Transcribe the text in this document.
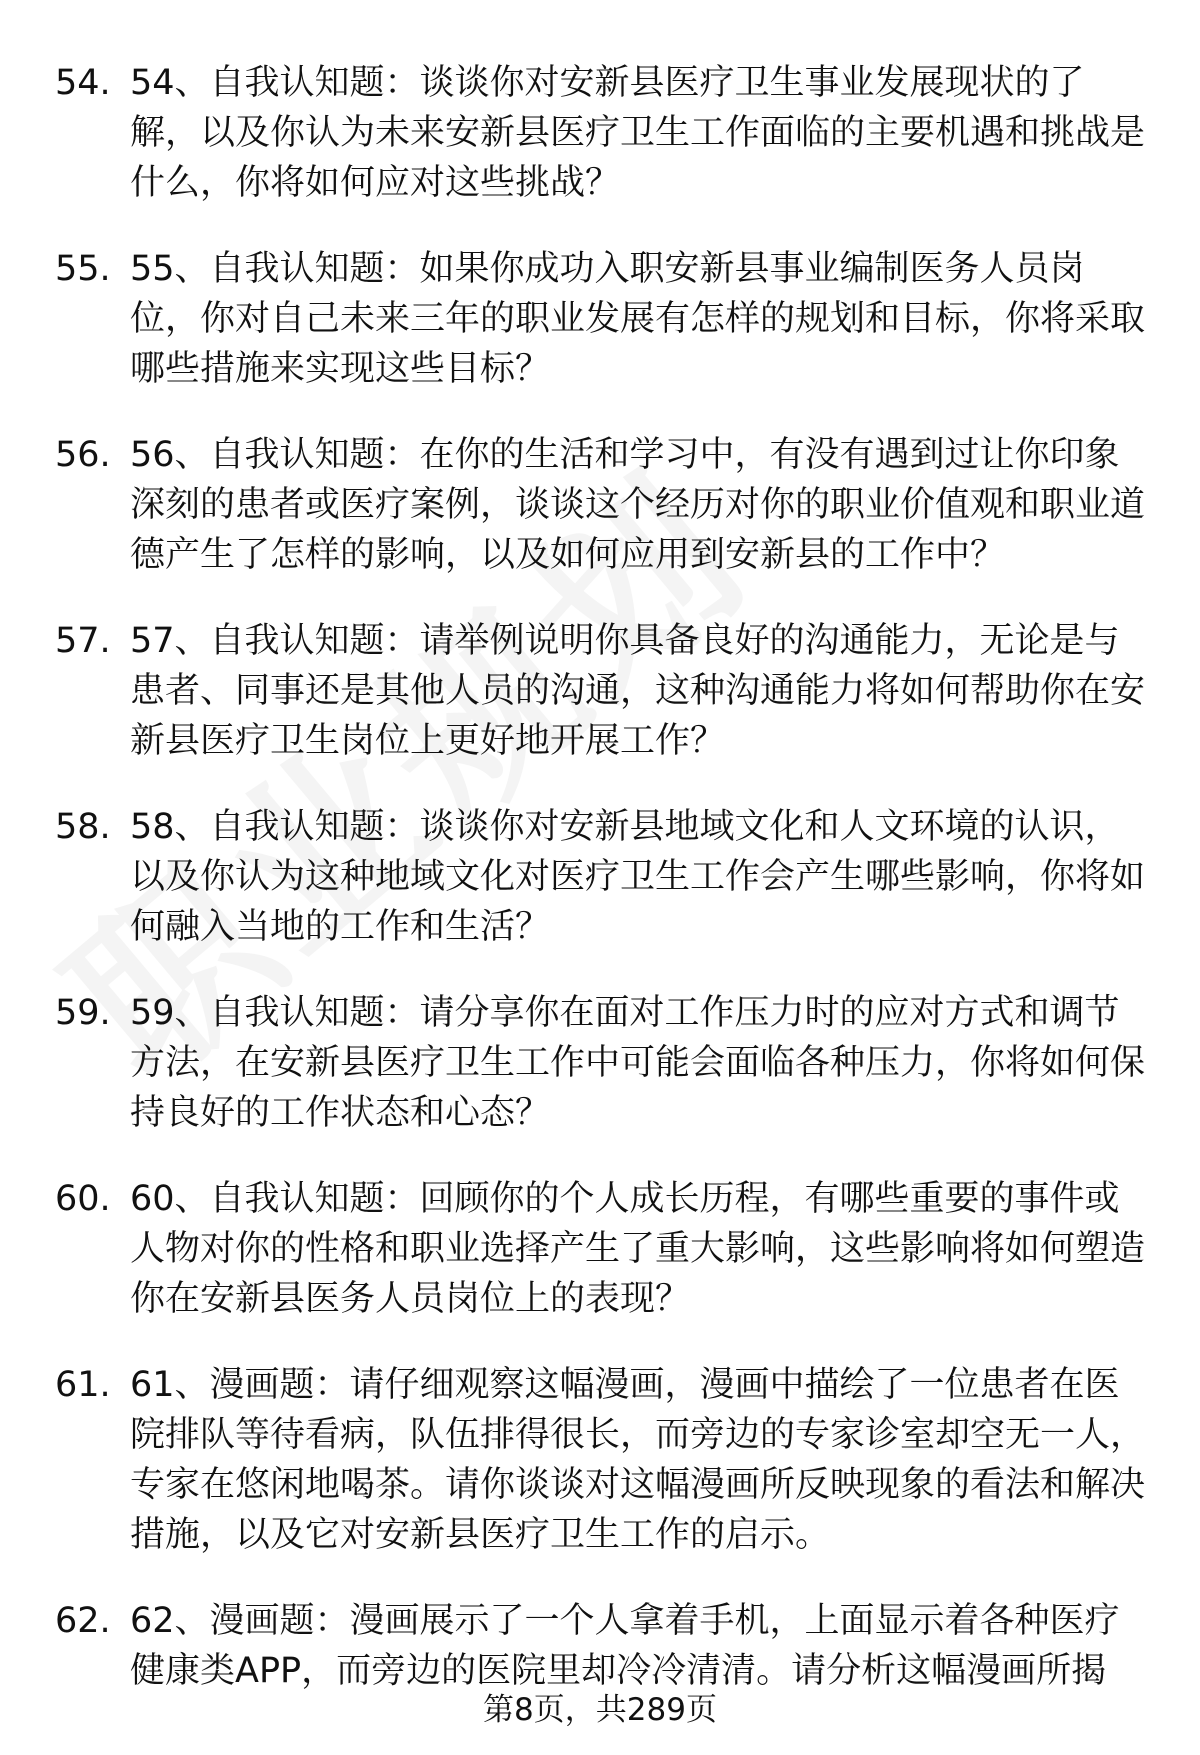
54. 54、自我认知题：谈谈你对安新县医疗卫生事业发展现状的了解，以及你认为未来安新县医疗卫生工作面临的主要机遇和挑战是什么，你将如何应对这些挑战？
55. 55、自我认知题：如果你成功入职安新县事业编制医务人员岗位，你对自己未来三年的职业发展有怎样的规划和目标，你将采取哪些措施来实现这些目标？
56. 56、自我认知题：在你的生活和学习中，有没有遇到过让你印象深刻的患者或医疗案例，谈谈这个经历对你的职业价值观和职业道德产生了怎样的影响，以及如何应用到安新县的工作中？
57. 57、自我认知题：请举例说明你具备良好的沟通能力，无论是与患者、同事还是其他人员的沟通，这种沟通能力将如何帮助你在安新县医疗卫生岗位上更好地开展工作？
58. 58、自我认知题：谈谈你对安新县地域文化和人文环境的认识，以及你认为这种地域文化对医疗卫生工作会产生哪些影响，你将如何融入当地的工作和生活？
59. 59、自我认知题：请分享你在面对工作压力时的应对方式和调节方法，在安新县医疗卫生工作中可能会面临各种压力，你将如何保持良好的工作状态和心态？
60. 60、自我认知题：回顾你的个人成长历程，有哪些重要的事件或人物对你的性格和职业选择产生了重大影响，这些影响将如何塑造你在安新县医务人员岗位上的表现？
61. 61、漫画题：请仔细观察这幅漫画，漫画中描绘了一位患者在医院排队等待看病，队伍排得很长，而旁边的专家诊室却空无一人，专家在悠闲地喝茶。请你谈谈对这幅漫画所反映现象的看法和解决措施，以及它对安新县医疗卫生工作的启示。
62. 62、漫画题：漫画展示了一个人拿着手机，上面显示着各种医疗健康类APP，而旁边的医院里却冷冷清清。请分析这幅漫画所揭
第8页，共289页
